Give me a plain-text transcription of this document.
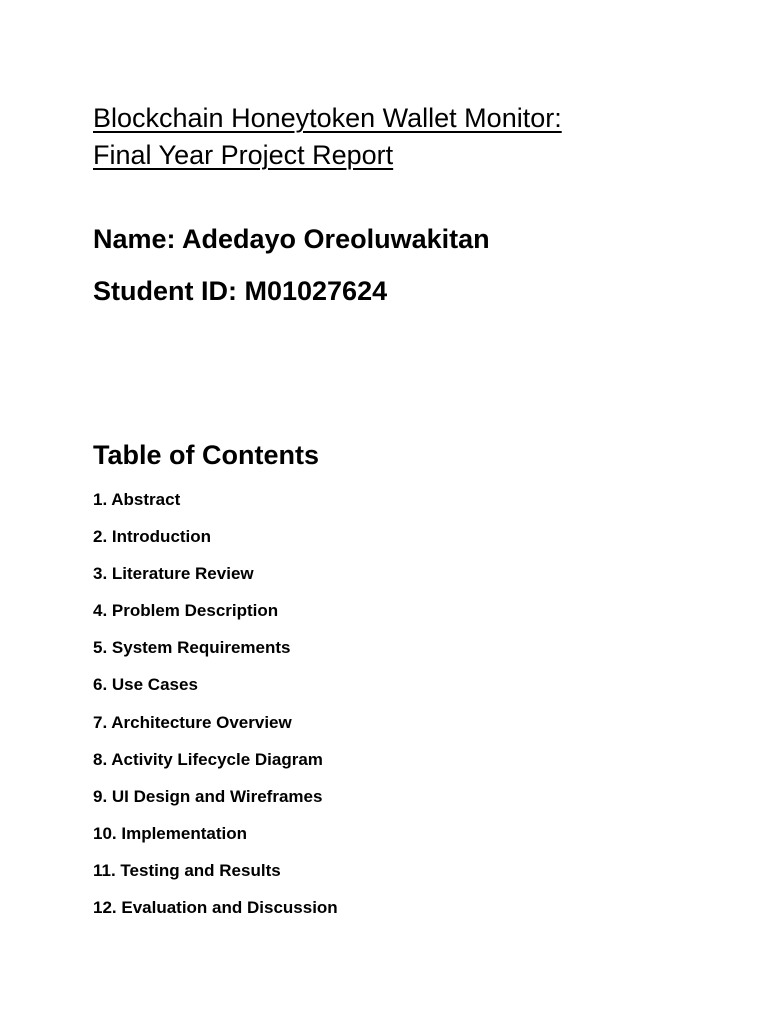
Blockchain Honeytoken Wallet Monitor:
Final Year Project Report

Name: Adedayo Oreoluwakitan

Student ID: M01027624

Table of Contents
1. Abstract
2. Introduction
3. Literature Review
4. Problem Description
5. System Requirements
6. Use Cases
7. Architecture Overview
8. Activity Lifecycle Diagram
9. UI Design and Wireframes
10. Implementation
11. Testing and Results
12. Evaluation and Discussion
